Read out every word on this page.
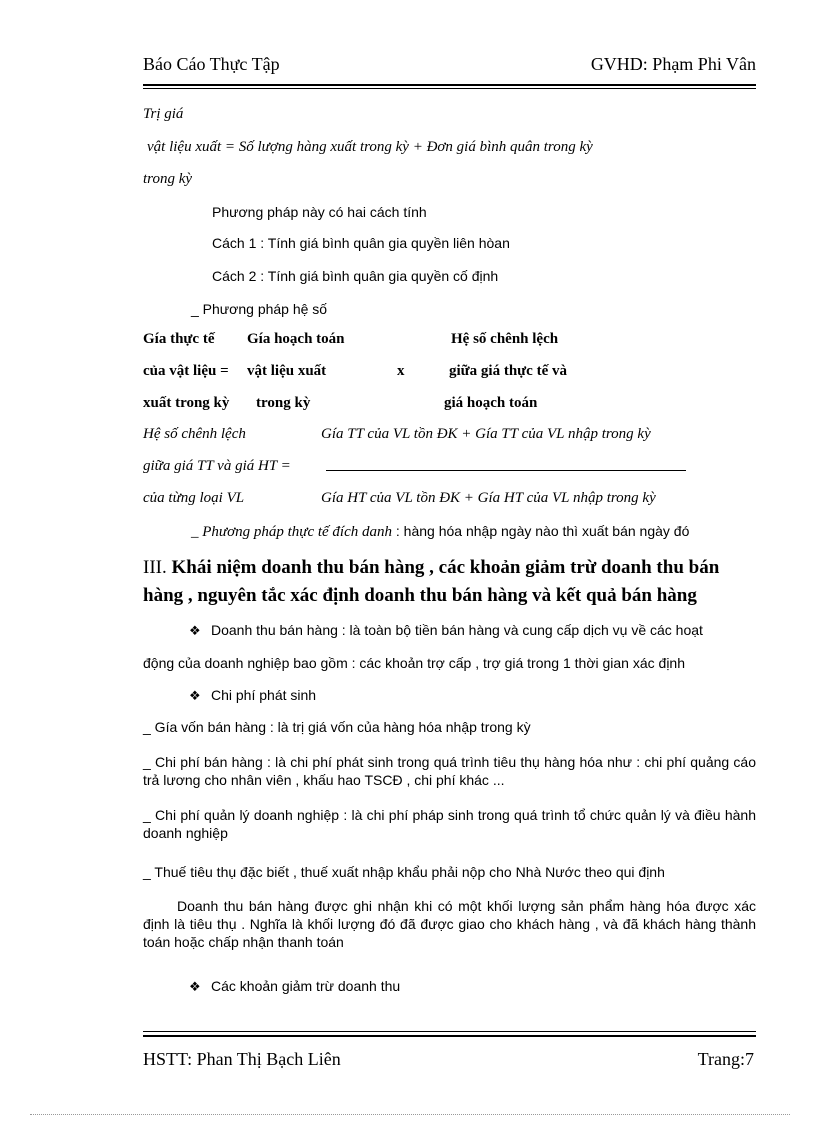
Báo Cáo Thực Tập	GVHD: Phạm Phi Vân
Trị giá
vật liệu xuất = Số lượng hàng xuất trong kỳ + Đơn giá bình quân trong kỳ
trong kỳ
Phương pháp này có hai cách tính
Cách 1 : Tính giá bình quân gia quyền liên hòan
Cách 2 : Tính giá bình quân gia quyền cố định
_ Phương pháp hệ số
Gía thực tế Gía hoạch toán	Hệ số chênh lệch
của vật liệu = vật liệu xuất	x	giữa giá thực tế và
xuất trong kỳ trong kỳ	giá hoạch toán
Hệ số chênh lệch	Gía TT của VL tồn ĐK + Gía TT của VL nhập trong kỳ
giữa giá TT và giá HT =
của từng loại VL	Gía HT của VL tồn ĐK + Gía HT của VL nhập trong kỳ
_ Phương pháp thực tế đích danh : hàng hóa nhập ngày nào thì xuất bán ngày đó
III. Khái niệm doanh thu bán hàng , các khoản giảm trừ doanh thu bán hàng , nguyên tắc xác định doanh thu bán hàng và kết quả bán hàng
❖ Doanh thu bán hàng : là toàn bộ tiền bán hàng và cung cấp dịch vụ về các hoạt
động của doanh nghiệp bao gồm : các khoản trợ cấp , trợ giá trong 1 thời gian xác định
❖ Chi phí phát sinh
_ Gía vốn bán hàng : là trị giá vốn của hàng hóa nhập trong kỳ
_ Chi phí bán hàng : là chi phí phát sinh trong quá trình tiêu thụ hàng hóa như : chi phí quảng cáo trả lương cho nhân viên , khấu hao TSCĐ , chi phí khác ...
_ Chi phí quản lý doanh nghiệp : là chi phí pháp sinh trong quá trình tổ chức quản lý và điều hành doanh nghiệp
_ Thuế tiêu thụ đặc biết , thuế xuất nhập khẩu phải nộp cho Nhà Nước theo qui định
Doanh thu bán hàng được ghi nhận khi có một khối lượng sản phẩm hàng hóa được xác định là tiêu thụ . Nghĩa là khối lượng đó đã được giao cho khách hàng , và đã khách hàng thành toán hoặc chấp nhận thanh toán
❖ Các khoản giảm trừ doanh thu
HSTT: Phan Thị Bạch Liên	Trang:7
